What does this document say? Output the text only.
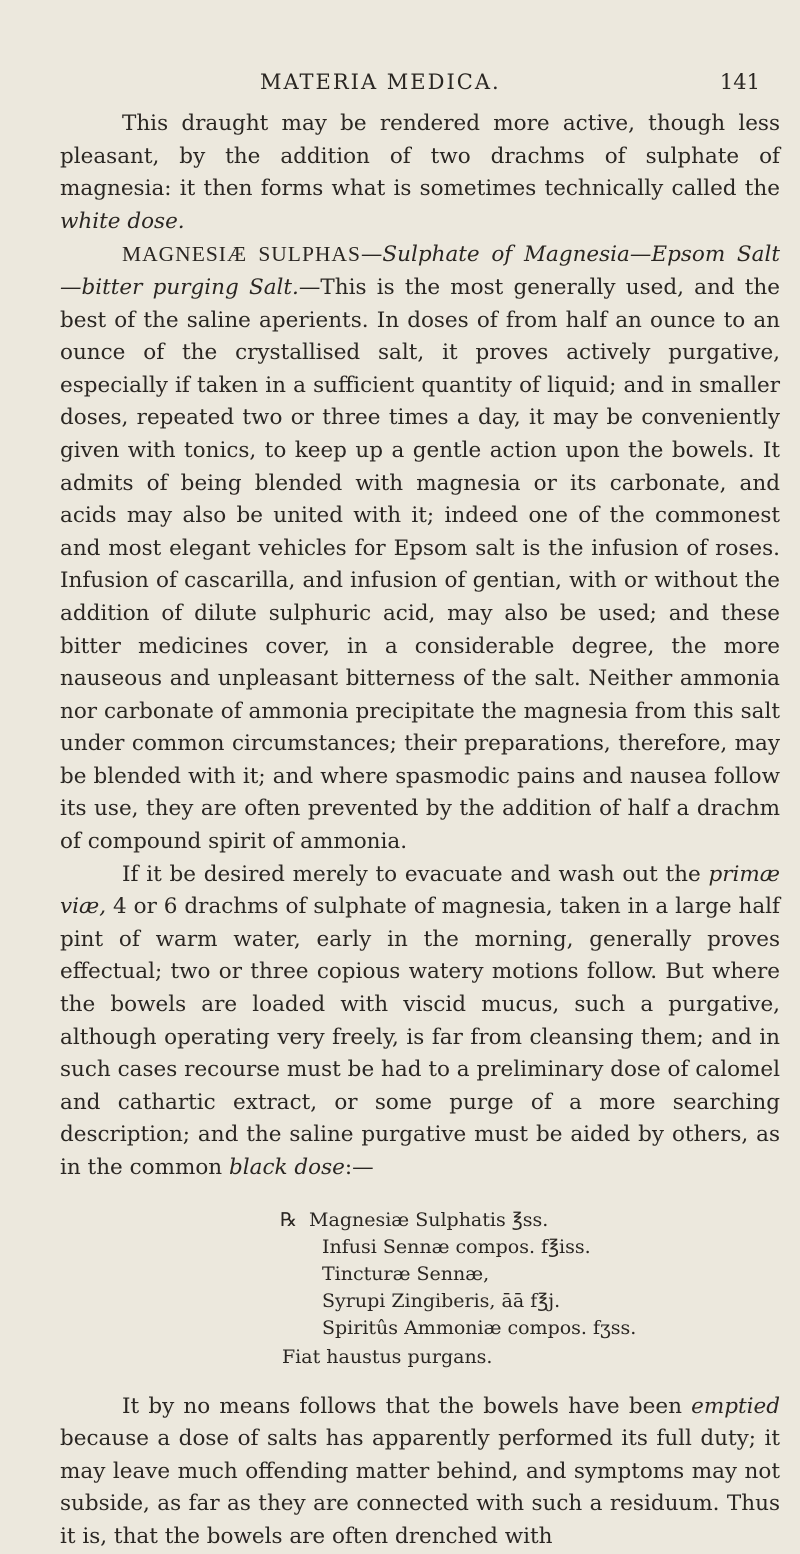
MATERIA MEDICA.	141

This draught may be rendered more active, though less pleasant, by the addition of two drachms of sulphate of magnesia: it then forms what is sometimes technically called the white dose.

MAGNESIÆ SULPHAS—Sulphate of Magnesia—Epsom Salt—bitter purging Salt.—This is the most generally used, and the best of the saline aperients. In doses of from half an ounce to an ounce of the crystallised salt, it proves actively purgative, especially if taken in a sufficient quantity of liquid; and in smaller doses, repeated two or three times a day, it may be conveniently given with tonics, to keep up a gentle action upon the bowels. It admits of being blended with magnesia or its carbonate, and acids may also be united with it; indeed one of the commonest and most elegant vehicles for Epsom salt is the infusion of roses. Infusion of cascarilla, and infusion of gentian, with or without the addition of dilute sulphuric acid, may also be used; and these bitter medicines cover, in a considerable degree, the more nauseous and unpleasant bitterness of the salt. Neither ammonia nor carbonate of ammonia precipitate the magnesia from this salt under common circumstances; their preparations, therefore, may be blended with it; and where spasmodic pains and nausea follow its use, they are often prevented by the addition of half a drachm of compound spirit of ammonia.

If it be desired merely to evacuate and wash out the primæ viæ, 4 or 6 drachms of sulphate of magnesia, taken in a large half pint of warm water, early in the morning, generally proves effectual; two or three copious watery motions follow. But where the bowels are loaded with viscid mucus, such a purgative, although operating very freely, is far from cleansing them; and in such cases recourse must be had to a preliminary dose of calomel and cathartic extract, or some purge of a more searching description; and the saline purgative must be aided by others, as in the common black dose:—

℞ Magnesiæ Sulphatis ℥ss.
Infusi Sennæ compos. f℥iss.
Tincturæ Sennæ,
Syrupi Zingiberis, āā f℥j.
Spiritûs Ammoniæ compos. fʒss.
Fiat haustus purgans.

It by no means follows that the bowels have been emptied because a dose of salts has apparently performed its full duty; it may leave much offending matter behind, and symptoms may not subside, as far as they are connected with such a residuum. Thus it is, that the bowels are often drenched with
